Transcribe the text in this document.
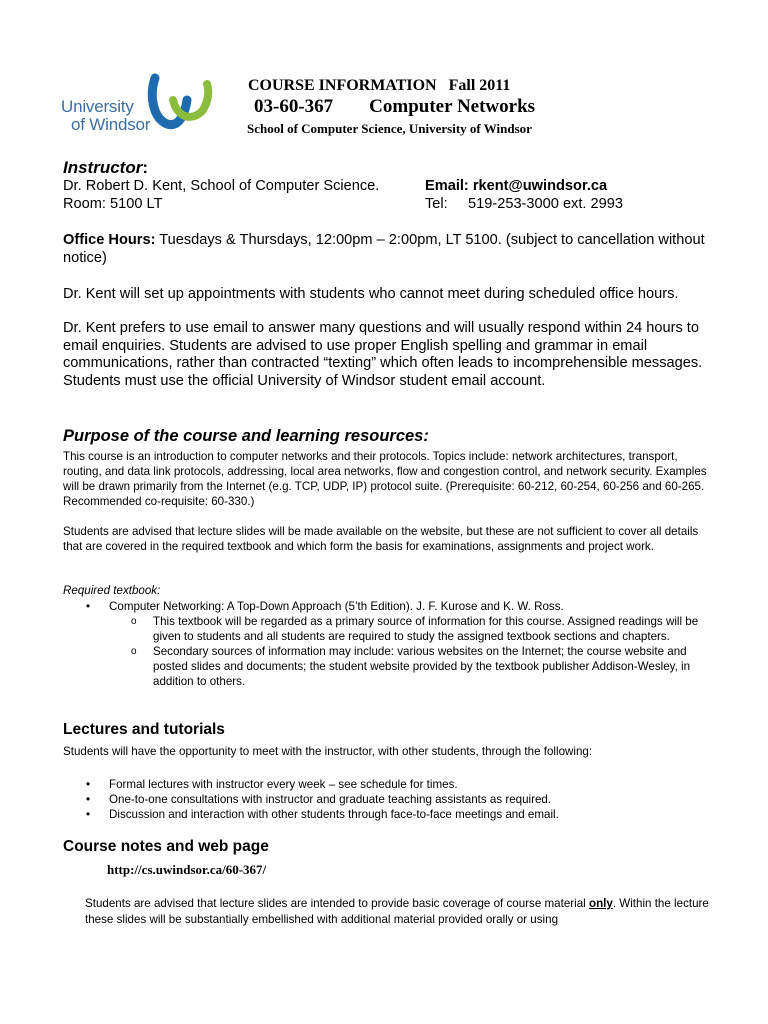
University
of Windsor
COURSE INFORMATION Fall 2011
03-60-367 Computer Networks
School of Computer Science, University of Windsor
Instructor:
Dr. Robert D. Kent, School of Computer Science.	Email: rkent@uwindsor.ca
Room: 5100 LT	Tel: 519-253-3000 ext. 2993
Office Hours: Tuesdays & Thursdays, 12:00pm – 2:00pm, LT 5100. (subject to cancellation without notice)
Dr. Kent will set up appointments with students who cannot meet during scheduled office hours.
Dr. Kent prefers to use email to answer many questions and will usually respond within 24 hours to email enquiries. Students are advised to use proper English spelling and grammar in email communications, rather than contracted “texting” which often leads to incomprehensible messages. Students must use the official University of Windsor student email account.
Purpose of the course and learning resources:
This course is an introduction to computer networks and their protocols. Topics include: network architectures, transport, routing, and data link protocols, addressing, local area networks, flow and congestion control, and network security. Examples will be drawn primarily from the Internet (e.g. TCP, UDP, IP) protocol suite. (Prerequisite: 60-212, 60-254, 60-256 and 60-265. Recommended co-requisite: 60-330.)
Students are advised that lecture slides will be made available on the website, but these are not sufficient to cover all details that are covered in the required textbook and which form the basis for examinations, assignments and project work.
Required textbook:
• Computer Networking: A Top-Down Approach (5’th Edition). J. F. Kurose and K. W. Ross.
o This textbook will be regarded as a primary source of information for this course. Assigned readings will be given to students and all students are required to study the assigned textbook sections and chapters.
o Secondary sources of information may include: various websites on the Internet; the course website and posted slides and documents; the student website provided by the textbook publisher Addison-Wesley, in addition to others.
Lectures and tutorials
Students will have the opportunity to meet with the instructor, with other students, through the following:
• Formal lectures with instructor every week – see schedule for times.
• One-to-one consultations with instructor and graduate teaching assistants as required.
• Discussion and interaction with other students through face-to-face meetings and email.
Course notes and web page
http://cs.uwindsor.ca/60-367/
Students are advised that lecture slides are intended to provide basic coverage of course material only. Within the lecture these slides will be substantially embellished with additional material provided orally or using
